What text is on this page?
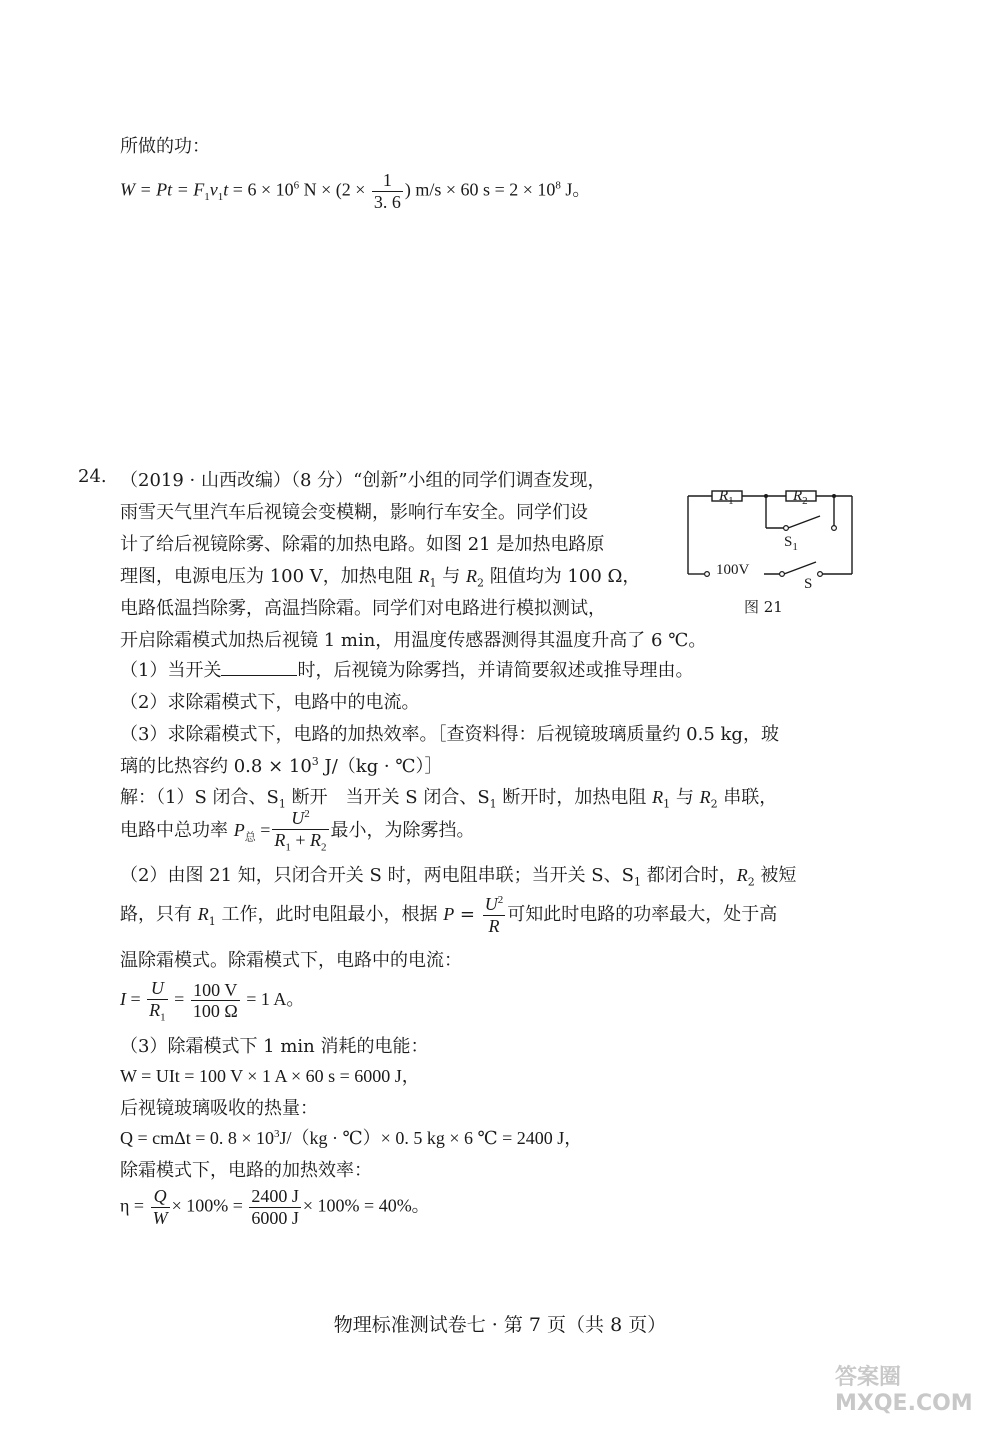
所做的功：
$W = Pt = F_1v_1t = 6 \times 10^6$ $N \times (2 \times \frac{1}{3. 6}$ ) m/s × 60 $s = 2 \times 10^8$ J。
24. （2019 · 山西改编）（8 分）“创新”小组的同学们调查发现，
雨雪天气里汽车后视镜会变模糊，影响行车安全。同学们设
计了给后视镜除雾、除霜的加热电路。如图 21 是加热电路原
理图，电源电压为 100 V，加热电阻 $R_1$ 与 $R_2$ 阻值均为 100 Ω，
电路低温挡除雾，高温挡除霜。同学们对电路进行模拟测试，
开启除霜模式加热后视镜 1 min，用温度传感器测得其温度升高了 6 ℃。
（1）当开关	时，后视镜为除雾挡，并请简要叙述或推导理由。
（2）求除霜模式下，电路中的电流。
（3）求除霜模式下，电路的加热效率。［查资料得：后视镜玻璃质量约 0.5 kg，玻
璃的比热容约 $0.8 \times 10^3$ J/（kg · ℃）］
$R_1$	$R_2$
$S_1$
100V
S
图 21
解：（1）S 闭合、$S_1$ 断开　当开关 S 闭合、$S_1$ 断开时，加热电阻 $R_1$ 与 $R_2$ 串联，
电路中总功率 $P_总 = \frac{U^2}{R_1 + R_2}$ 最小，为除雾挡。
（2）由图 21 知，只闭合开关 S 时，两电阻串联；当开关 S、$S_1$ 都闭合时，$R_2$ 被短
路，只有 $R_1$ 工作，此时电阻最小，根据 $P = \frac{U^2}{R}$ 可知此时电路的功率最大，处于高
温除霜模式。除霜模式下，电路中的电流：
$I = \frac{U}{R_1} = \frac{100 V}{100 \Omega} = 1$ A。
（3）除霜模式下 1 min 消耗的电能：
W = UIt = 100 V × 1 A × 60 s = 6000 J，
后视镜玻璃吸收的热量：
Q = cmΔt = 0. $8 \times 10^3J/(kg$ · ℃）× 0. 5 kg × 6 ℃ = 2400 J，
除霜模式下，电路的加热效率：
$\eta = \frac{Q}{W} \times 100\% = \frac{2400 J}{6000 J} \times 100\% = 40\%$。
物理标准测试卷七 · 第 7 页（共 8 页）
答案圈 MXQE.COM
